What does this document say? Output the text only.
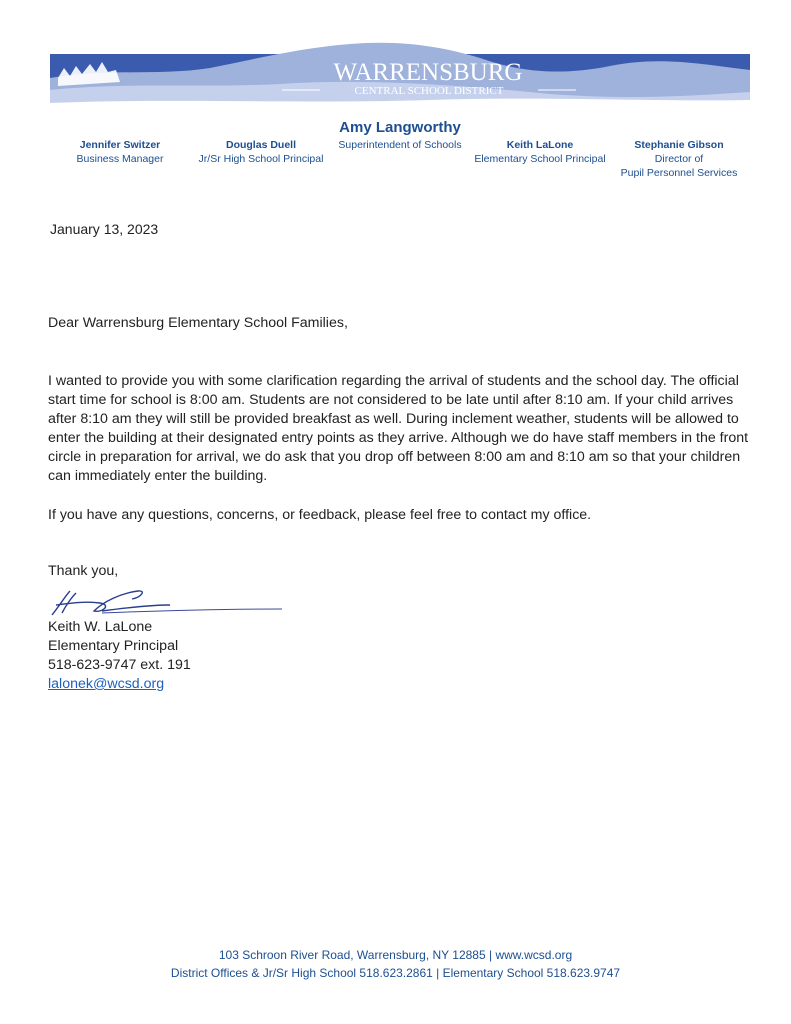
WARRENSBURG
CENTRAL SCHOOL DISTRICT
Jennifer Switzer
Business Manager
Douglas Duell
Jr/Sr High School Principal
Amy Langworthy
Superintendent of Schools	Keith LaLone
Elementary School Principal
Stephanie Gibson
Director of
Pupil Personnel Services
January 13, 2023
Dear Warrensburg Elementary School Families,
I wanted to provide you with some clarification regarding the arrival of students and the school day. The official start time for school is 8:00 am. Students are not considered to be late until after 8:10 am. If your child arrives after 8:10 am they will still be provided breakfast as well. During inclement weather, students will be allowed to enter the building at their designated entry points as they arrive. Although we do have staff members in the front circle in preparation for arrival, we do ask that you drop off between 8:00 am and 8:10 am so that your children can immediately enter the building.
If you have any questions, concerns, or feedback, please feel free to contact my office.
Thank you,
Keith W. LaLone
Elementary Principal
518-623-9747 ext. 191
lalonek@wcsd.org
103 Schroon River Road, Warrensburg, NY 12885 | www.wcsd.org
District Offices & Jr/Sr High School 518.623.2861 | Elementary School 518.623.9747
